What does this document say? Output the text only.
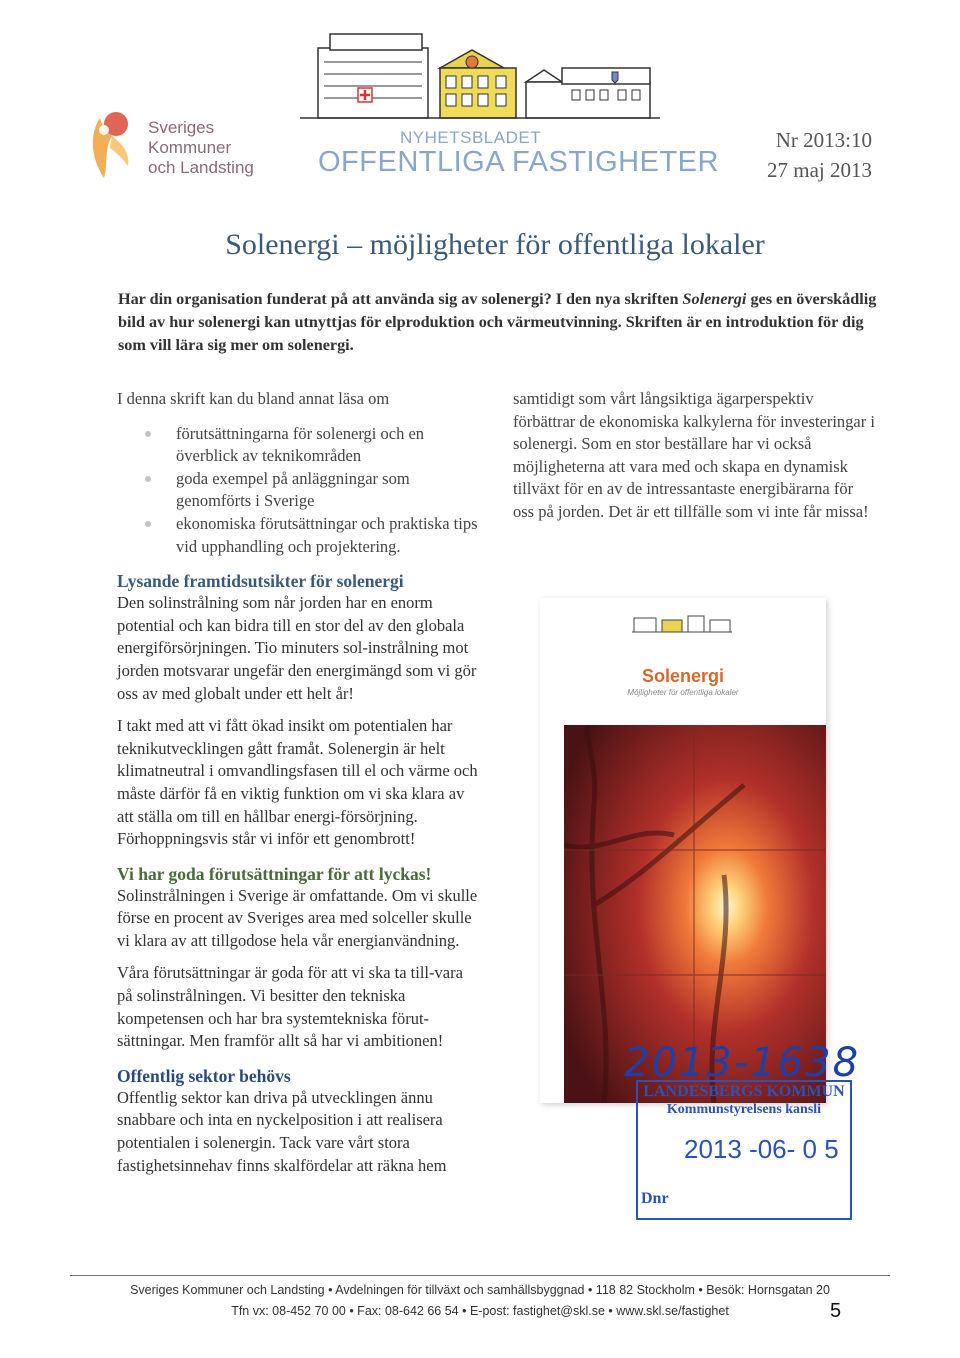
Sveriges
Kommuner
och Landsting
NYHETSBLADET
OFFENTLIGA FASTIGHETER
Nr 2013:10
27 maj 2013
Solenergi – möjligheter för offentliga lokaler
Har din organisation funderat på att använda sig av solenergi? I den nya skriften Solenergi ges en överskådlig bild av hur solenergi kan utnyttjas för elproduktion och värmeutvinning. Skriften är en introduktion för dig som vill lära sig mer om solenergi.

I denna skrift kan du bland annat läsa om

förutsättningarna för solenergi och en överblick av teknikområden
goda exempel på anläggningar som genomförts i Sverige
ekonomiska förutsättningar och praktiska tips vid upphandling och projektering.
Lysande framtidsutsikter för solenergi

Den solinstrålning som når jorden har en enorm potential och kan bidra till en stor del av den globala energiförsörjningen. Tio minuters sol-instrålning mot jorden motsvarar ungefär den energimängd som vi gör oss av med globalt under ett helt år!

I takt med att vi fått ökad insikt om potentialen har teknikutvecklingen gått framåt. Solenergin är helt klimatneutral i omvandlingsfasen till el och värme och måste därför få en viktig funktion om vi ska klara av att ställa om till en hållbar energi-försörjning. Förhoppningsvis står vi inför ett genombrott!

Vi har goda förutsättningar för att lyckas!

Solinstrålningen i Sverige är omfattande. Om vi skulle förse en procent av Sveriges area med solceller skulle vi klara av att tillgodose hela vår energianvändning.

Våra förutsättningar är goda för att vi ska ta till-vara på solinstrålningen. Vi besitter den tekniska kompetensen och har bra systemtekniska förut-sättningar. Men framför allt så har vi ambitionen!

Offentlig sektor behövs

Offentlig sektor kan driva på utvecklingen ännu snabbare och inta en nyckelposition i att realisera potentialen i solenergin. Tack vare vårt stora fastighetsinnehav finns skalfördelar att räkna hem

samtidigt som vårt långsiktiga ägarperspektiv förbättrar de ekonomiska kalkylerna för investeringar i solenergi. Som en stor beställare har vi också möjligheterna att vara med och skapa en dynamisk tillväxt för en av de intressantaste energibärarna för oss på jorden. Det är ett tillfälle som vi inte får missa!

Solenergi
Möjligheter för offentliga lokaler
2013-1638
LANDESBERGS KOMMUN
Kommunstyrelsens kansli
2013 -06- 0 5
Dnr
Sveriges Kommuner och Landsting • Avdelningen för tillväxt och samhällsbyggnad • 118 82 Stockholm • Besök: Hornsgatan 20
Tfn vx: 08-452 70 00 • Fax: 08-642 66 54 • E-post: fastighet@skl.se • www.skl.se/fastighet	5
